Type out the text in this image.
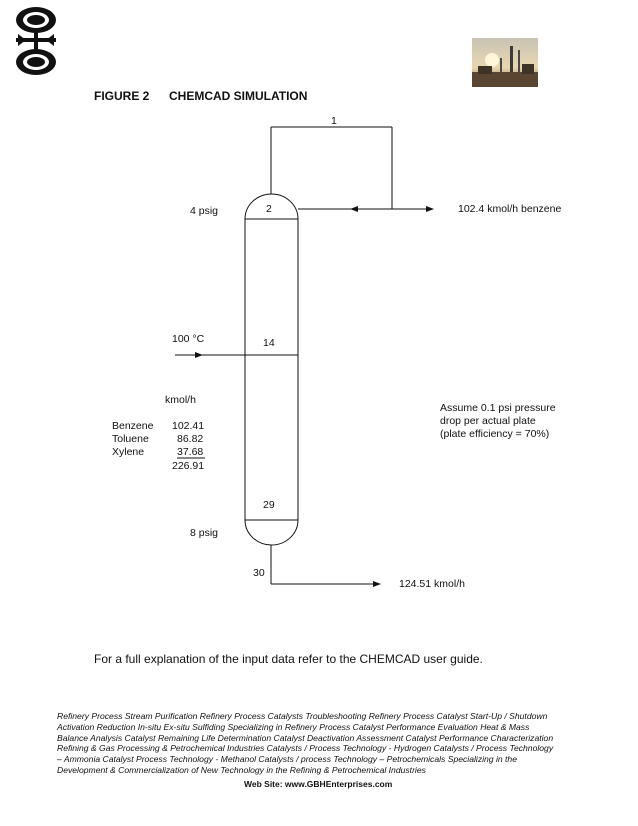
FIGURE 2 CHEMCAD SIMULATION
1
2
4 psig	102.4 kmol/h benzene
100 °C	14
kmol/h
Benzene 102.41
Toluene	86.82
Xylene	37.68
226.91
Assume 0.1 psi pressure
drop per actual plate
(plate efficiency = 70%)
29
8 psig
30
124.51 kmol/h
For a full explanation of the input data refer to the CHEMCAD user guide.
Refinery Process Stream Purification Refinery Process Catalysts Troubleshooting Refinery Process Catalyst Start-Up / Shutdown Activation Reduction In-situ Ex-situ Sulfiding Specializing in Refinery Process Catalyst Performance Evaluation Heat & Mass Balance Analysis Catalyst Remaining Life Determination Catalyst Deactivation Assessment Catalyst Performance Characterization Refining & Gas Processing & Petrochemical Industries Catalysts / Process Technology - Hydrogen Catalysts / Process Technology – Ammonia Catalyst Process Technology - Methanol Catalysts / process Technology – Petrochemicals Specializing in the Development & Commercialization of New Technology in the Refining & Petrochemical Industries
Web Site: www.GBHEnterprises.com
